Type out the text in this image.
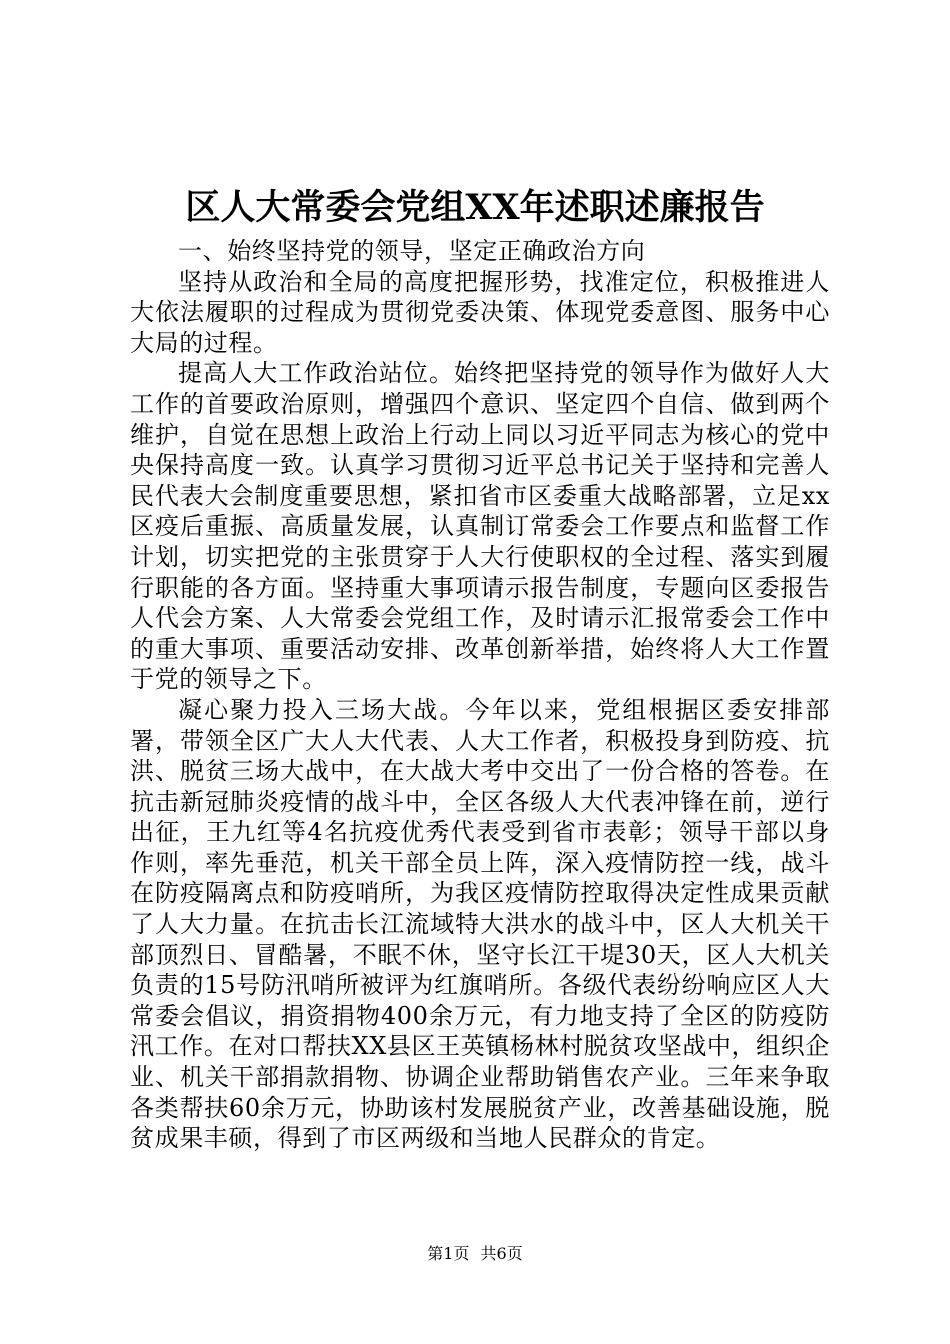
区人大常委会党组XX年述职述廉报告

一、始终坚持党的领导，坚定正确政治方向

坚持从政治和全局的高度把握形势，找准定位，积极推进人大依法履职的过程成为贯彻党委决策、体现党委意图、服务中心大局的过程。

提高人大工作政治站位。始终把坚持党的领导作为做好人大工作的首要政治原则，增强四个意识、坚定四个自信、做到两个维护，自觉在思想上政治上行动上同以习近平同志为核心的党中央保持高度一致。认真学习贯彻习近平总书记关于坚持和完善人民代表大会制度重要思想，紧扣省市区委重大战略部署，立足xx区疫后重振、高质量发展，认真制订常委会工作要点和监督工作计划，切实把党的主张贯穿于人大行使职权的全过程、落实到履行职能的各方面。坚持重大事项请示报告制度，专题向区委报告人代会方案、人大常委会党组工作，及时请示汇报常委会工作中的重大事项、重要活动安排、改革创新举措，始终将人大工作置于党的领导之下。

凝心聚力投入三场大战。今年以来，党组根据区委安排部署，带领全区广大人大代表、人大工作者，积极投身到防疫、抗洪、脱贫三场大战中，在大战大考中交出了一份合格的答卷。在抗击新冠肺炎疫情的战斗中，全区各级人大代表冲锋在前，逆行出征，王九红等4名抗疫优秀代表受到省市表彰；领导干部以身作则，率先垂范，机关干部全员上阵，深入疫情防控一线，战斗在防疫隔离点和防疫哨所，为我区疫情防控取得决定性成果贡献了人大力量。在抗击长江流域特大洪水的战斗中，区人大机关干部顶烈日、冒酷暑，不眠不休，坚守长江干堤30天，区人大机关负责的15号防汛哨所被评为红旗哨所。各级代表纷纷响应区人大常委会倡议，捐资捐物400余万元，有力地支持了全区的防疫防汛工作。在对口帮扶XX县区王英镇杨林村脱贫攻坚战中，组织企业、机关干部捐款捐物、协调企业帮助销售农产业。三年来争取各类帮扶60余万元，协助该村发展脱贫产业，改善基础设施，脱贫成果丰硕，得到了市区两级和当地人民群众的肯定。

第1页 共6页
